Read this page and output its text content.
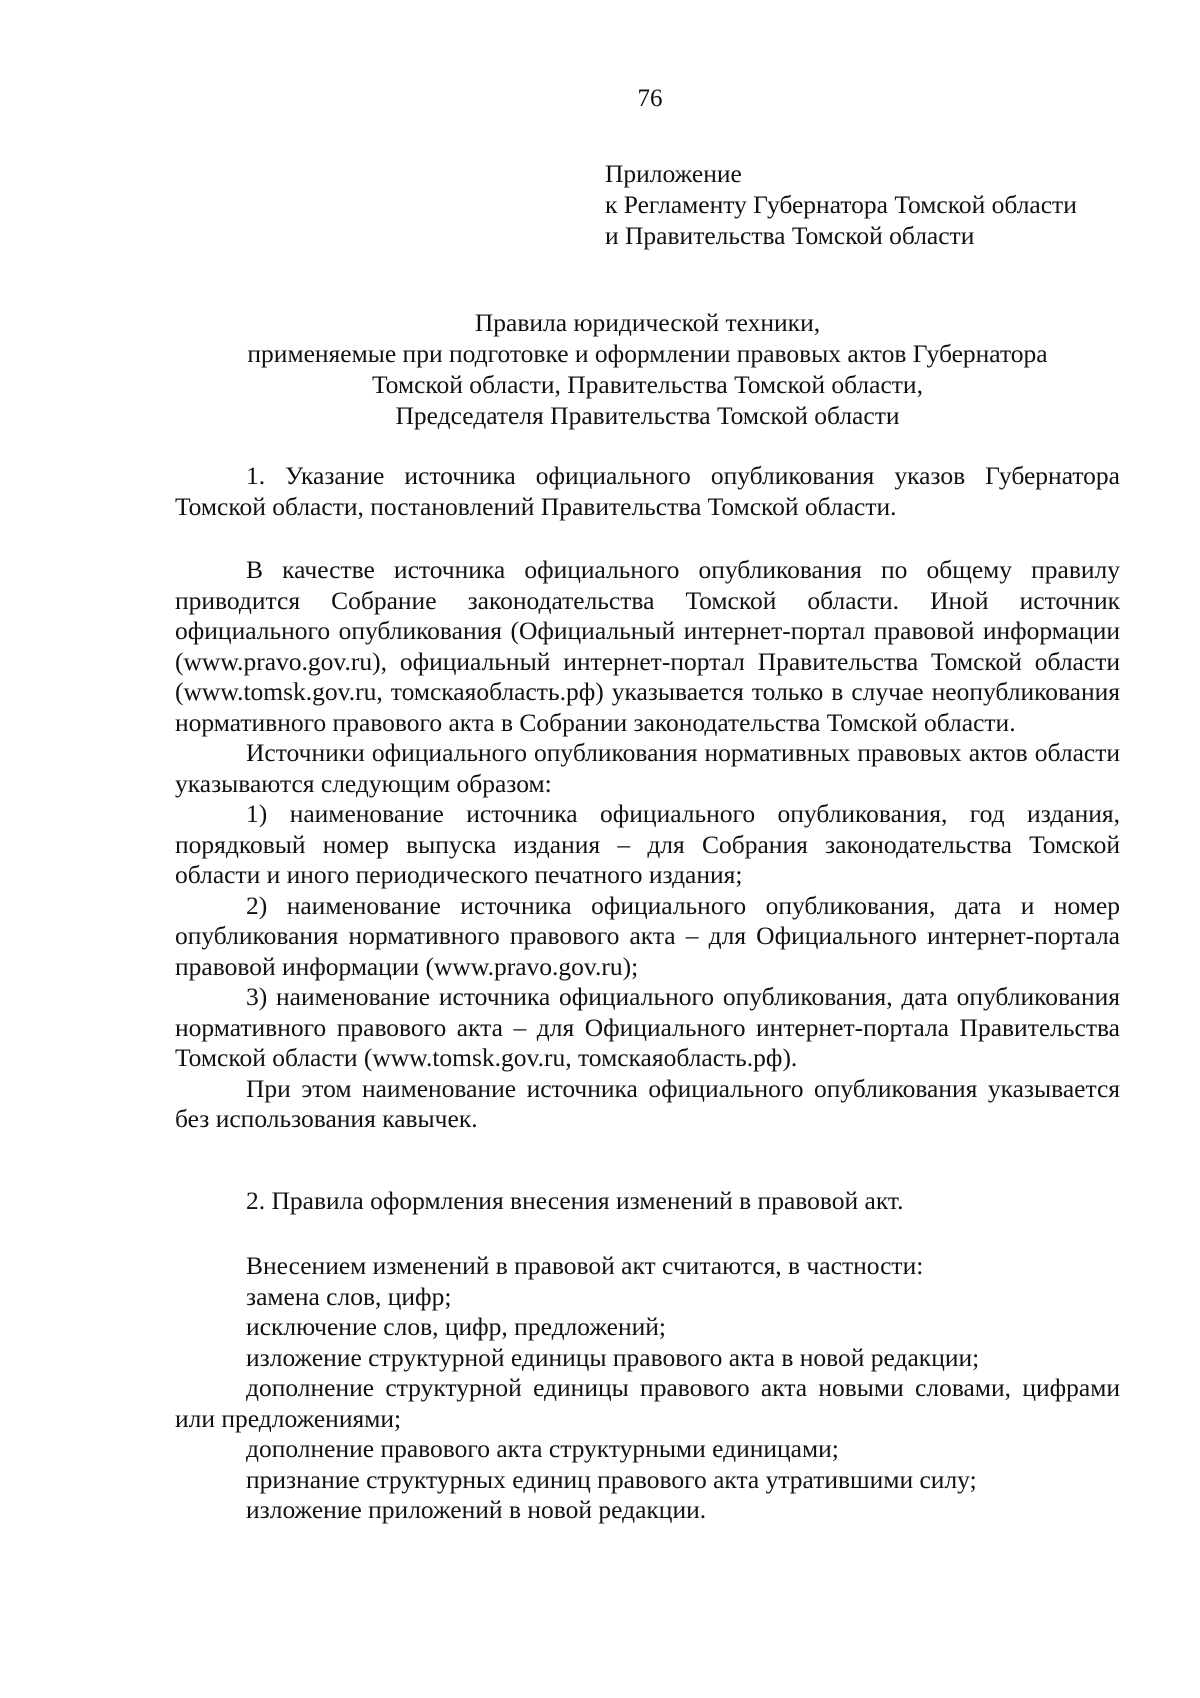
76
Приложение
к Регламенту Губернатора Томской области
и Правительства Томской области
Правила юридической техники,
применяемые при подготовке и оформлении правовых актов Губернатора
Томской области, Правительства Томской области,
Председателя Правительства Томской области

1. Указание источника официального опубликования указов Губернатора Томской области, постановлений Правительства Томской области.

В качестве источника официального опубликования по общему правилу приводится Собрание законодательства Томской области. Иной источник официального опубликования (Официальный интернет-портал правовой информации (www.pravo.gov.ru), официальный интернет-портал Правительства Томской области (www.tomsk.gov.ru, томскаяобласть.рф) указывается только в случае неопубликования нормативного правового акта в Собрании законодательства Томской области.

Источники официального опубликования нормативных правовых актов области указываются следующим образом:

1) наименование источника официального опубликования, год издания, порядковый номер выпуска издания – для Собрания законодательства Томской области и иного периодического печатного издания;

2) наименование источника официального опубликования, дата и номер опубликования нормативного правового акта – для Официального интернет-портала правовой информации (www.pravo.gov.ru);

3) наименование источника официального опубликования, дата опубликования нормативного правового акта – для Официального интернет-портала Правительства Томской области (www.tomsk.gov.ru, томскаяобласть.рф).

При этом наименование источника официального опубликования указывается без использования кавычек.

2. Правила оформления внесения изменений в правовой акт.

Внесением изменений в правовой акт считаются, в частности:

замена слов, цифр;

исключение слов, цифр, предложений;

изложение структурной единицы правового акта в новой редакции;

дополнение структурной единицы правового акта новыми словами, цифрами или предложениями;

дополнение правового акта структурными единицами;

признание структурных единиц правового акта утратившими силу;

изложение приложений в новой редакции.
